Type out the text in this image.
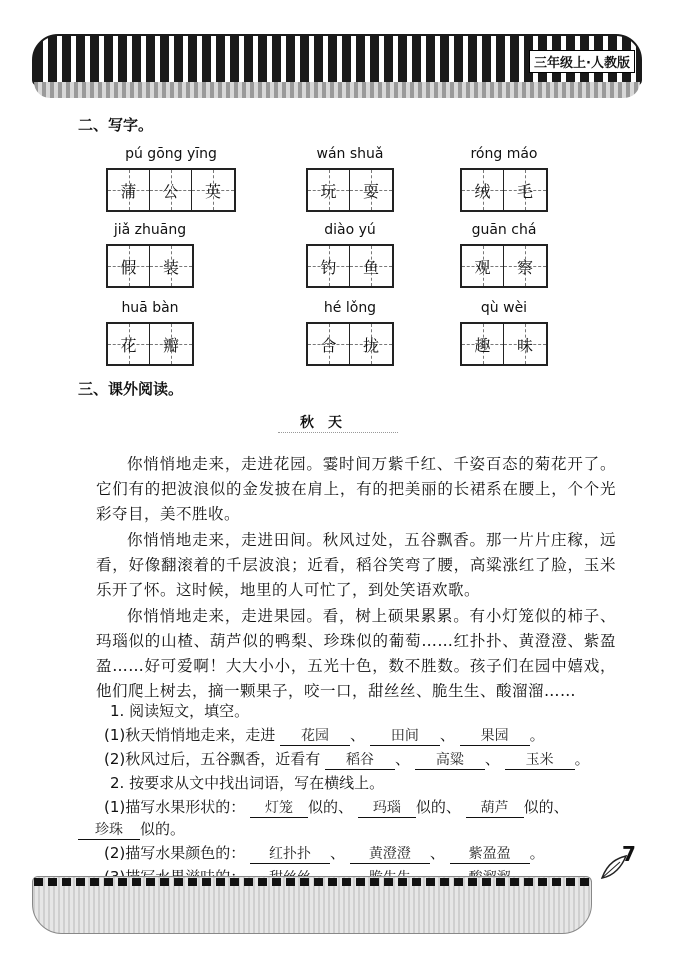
三年级上·人教版
二、写字。
pú gōng yīng
蒲 公 英
wán shuǎ
玩 耍
róng máo
绒 毛
jiǎ zhuāng
假 装
diào yú
钓 鱼
guān chá
观 察
huā bàn
花 瓣
hé lǒng
合 拢
qù wèi
趣 味
三、课外阅读。
秋天
你悄悄地走来，走进花园。霎时间万紫千红、千姿百态的菊花开了。它们有的把波浪似的金发披在肩上，有的把美丽的长裙系在腰上，个个光彩夺目，美不胜收。
你悄悄地走来，走进田间。秋风过处，五谷飘香。那一片片庄稼，远看，好像翻滚着的千层波浪；近看，稻谷笑弯了腰，高粱涨红了脸，玉米乐开了怀。这时候，地里的人可忙了，到处笑语欢歌。
你悄悄地走来，走进果园。看，树上硕果累累。有小灯笼似的柿子、玛瑙似的山楂、葫芦似的鸭梨、珍珠似的葡萄……红扑扑、黄澄澄、紫盈盈……好可爱啊！大大小小，五光十色，数不胜数。孩子们在园中嬉戏，他们爬上树去，摘一颗果子，咬一口，甜丝丝、脆生生、酸溜溜……
1. 阅读短文，填空。
(1)秋天悄悄地走来，走进 花园 、 田间 、 果园 。
(2)秋风过后，五谷飘香，近看有 稻谷 、 高粱 、 玉米 。
2. 按要求从文中找出词语，写在横线上。
(1)描写水果形状的： 灯笼 似的、 玛瑙 似的、 葫芦 似的、
珍珠 似的。
(2)描写水果颜色的： 红扑扑 、 黄澄澄 、 紫盈盈 。
	7
